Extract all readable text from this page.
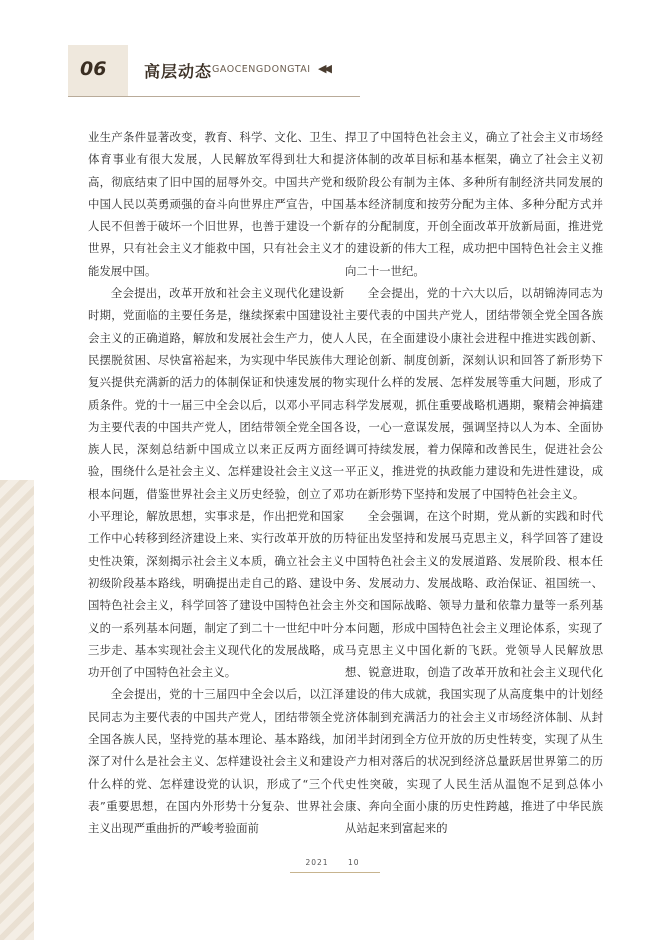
06 高层动态 GAOCENGDONGTAI ◀◀

业生产条件显著改变，教育、科学、文化、卫生、体育事业有很大发展，人民解放军得到壮大和提高，彻底结束了旧中国的屈辱外交。中国共产党和中国人民以英勇顽强的奋斗向世界庄严宣告，中国人民不但善于破坏一个旧世界，也善于建设一个新世界，只有社会主义才能救中国，只有社会主义才能发展中国。

全会提出，改革开放和社会主义现代化建设新时期，党面临的主要任务是，继续探索中国建设社会主义的正确道路，解放和发展社会生产力，使人民摆脱贫困、尽快富裕起来，为实现中华民族伟大复兴提供充满新的活力的体制保证和快速发展的物质条件。党的十一届三中全会以后，以邓小平同志为主要代表的中国共产党人，团结带领全党全国各族人民，深刻总结新中国成立以来正反两方面经验，围绕什么是社会主义、怎样建设社会主义这一根本问题，借鉴世界社会主义历史经验，创立了邓小平理论，解放思想，实事求是，作出把党和国家工作中心转移到经济建设上来、实行改革开放的历史性决策，深刻揭示社会主义本质，确立社会主义初级阶段基本路线，明确提出走自己的路、建设中国特色社会主义，科学回答了建设中国特色社会主义的一系列基本问题，制定了到二十一世纪中叶分三步走、基本实现社会主义现代化的发展战略，成功开创了中国特色社会主义。

全会提出，党的十三届四中全会以后，以江泽民同志为主要代表的中国共产党人，团结带领全党全国各族人民，坚持党的基本理论、基本路线，加深了对什么是社会主义、怎样建设社会主义和建设什么样的党、怎样建设党的认识，形成了“三个代表”重要思想，在国内外形势十分复杂、世界社会主义出现严重曲折的严峻考验面前

捍卫了中国特色社会主义，确立了社会主义市场经济体制的改革目标和基本框架，确立了社会主义初级阶段公有制为主体、多种所有制经济共同发展的基本经济制度和按劳分配为主体、多种分配方式并存的分配制度，开创全面改革开放新局面，推进党的建设新的伟大工程，成功把中国特色社会主义推向二十一世纪。

全会提出，党的十六大以后，以胡锦涛同志为主要代表的中国共产党人，团结带领全党全国各族人民，在全面建设小康社会进程中推进实践创新、理论创新、制度创新，深刻认识和回答了新形势下实现什么样的发展、怎样发展等重大问题，形成了科学发展观，抓住重要战略机遇期，聚精会神搞建设，一心一意谋发展，强调坚持以人为本、全面协调可持续发展，着力保障和改善民生，促进社会公平正义，推进党的执政能力建设和先进性建设，成功在新形势下坚持和发展了中国特色社会主义。

全会强调，在这个时期，党从新的实践和时代特征出发坚持和发展马克思主义，科学回答了建设中国特色社会主义的发展道路、发展阶段、根本任务、发展动力、发展战略、政治保证、祖国统一、外交和国际战略、领导力量和依靠力量等一系列基本问题，形成中国特色社会主义理论体系，实现了马克思主义中国化新的飞跃。党领导人民解放思想、锐意进取，创造了改革开放和社会主义现代化建设的伟大成就，我国实现了从高度集中的计划经济体制到充满活力的社会主义市场经济体制、从封闭半封闭到全方位开放的历史性转变，实现了从生产力相对落后的状况到经济总量跃居世界第二的历史性突破，实现了人民生活从温饱不足到总体小康、奔向全面小康的历史性跨越，推进了中华民族从站起来到富起来的

2021	10
